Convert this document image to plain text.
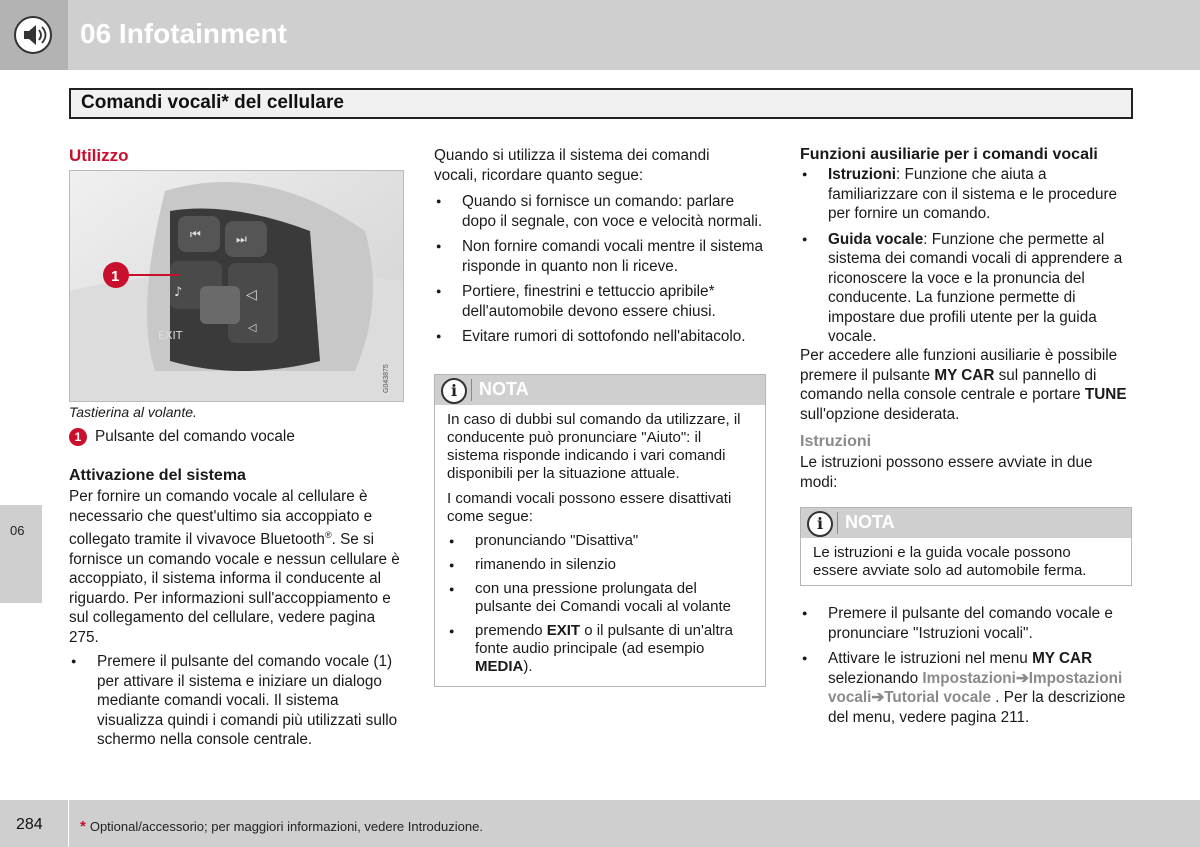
06 Infotainment
Comandi vocali* del cellulare
06
Utilizzo
⏮	⏭
♪	◁
◁
EXIT
1
G043875
Tastierina al volante.
1 Pulsante del comando vocale
Attivazione del sistema
Per fornire un comando vocale al cellulare è necessario che quest'ultimo sia accoppiato e collegato tramite il vivavoce Bluetooth®. Se si fornisce un comando vocale e nessun cellulare è accoppiato, il sistema informa il conducente al riguardo. Per informazioni sull'accoppiamento e sul collegamento del cellulare, vedere pagina 275.
● Premere il pulsante del comando vocale (1) per attivare il sistema e iniziare un dialogo mediante comandi vocali. Il sistema visualizza quindi i comandi più utilizzati sullo schermo nella console centrale.
Quando si utilizza il sistema dei comandi vocali, ricordare quanto segue:
● Quando si fornisce un comando: parlare dopo il segnale, con voce e velocità normali.
● Non fornire comandi vocali mentre il sistema risponde in quanto non li riceve.
● Portiere, finestrini e tettuccio apribile* dell'automobile devono essere chiusi.
● Evitare rumori di sottofondo nell'abitacolo.
i	NOTA
In caso di dubbi sul comando da utilizzare, il conducente può pronunciare "Aiuto": il sistema risponde indicando i vari comandi disponibili per la situazione attuale.
I comandi vocali possono essere disattivati come segue:
● pronunciando "Disattiva"
● rimanendo in silenzio
● con una pressione prolungata del pulsante dei Comandi vocali al volante
● premendo EXIT o il pulsante di un'altra fonte audio principale (ad esempio MEDIA).
Funzioni ausiliarie per i comandi vocali
● Istruzioni: Funzione che aiuta a familiarizzare con il sistema e le procedure per fornire un comando.
● Guida vocale: Funzione che permette al sistema dei comandi vocali di apprendere a riconoscere la voce e la pronuncia del conducente. La funzione permette di impostare due profili utente per la guida vocale.
Per accedere alle funzioni ausiliarie è possibile premere il pulsante MY CAR sul pannello di comando nella console centrale e portare TUNE sull'opzione desiderata.
Istruzioni
Le istruzioni possono essere avviate in due modi:
i	NOTA
Le istruzioni e la guida vocale possono essere avviate solo ad automobile ferma.
● Premere il pulsante del comando vocale e pronunciare "Istruzioni vocali".
● Attivare le istruzioni nel menu MY CAR selezionando Impostazioni➔Impostazioni vocali➔Tutorial vocale . Per la descrizione del menu, vedere pagina 211.
284 * Optional/accessorio; per maggiori informazioni, vedere Introduzione.
